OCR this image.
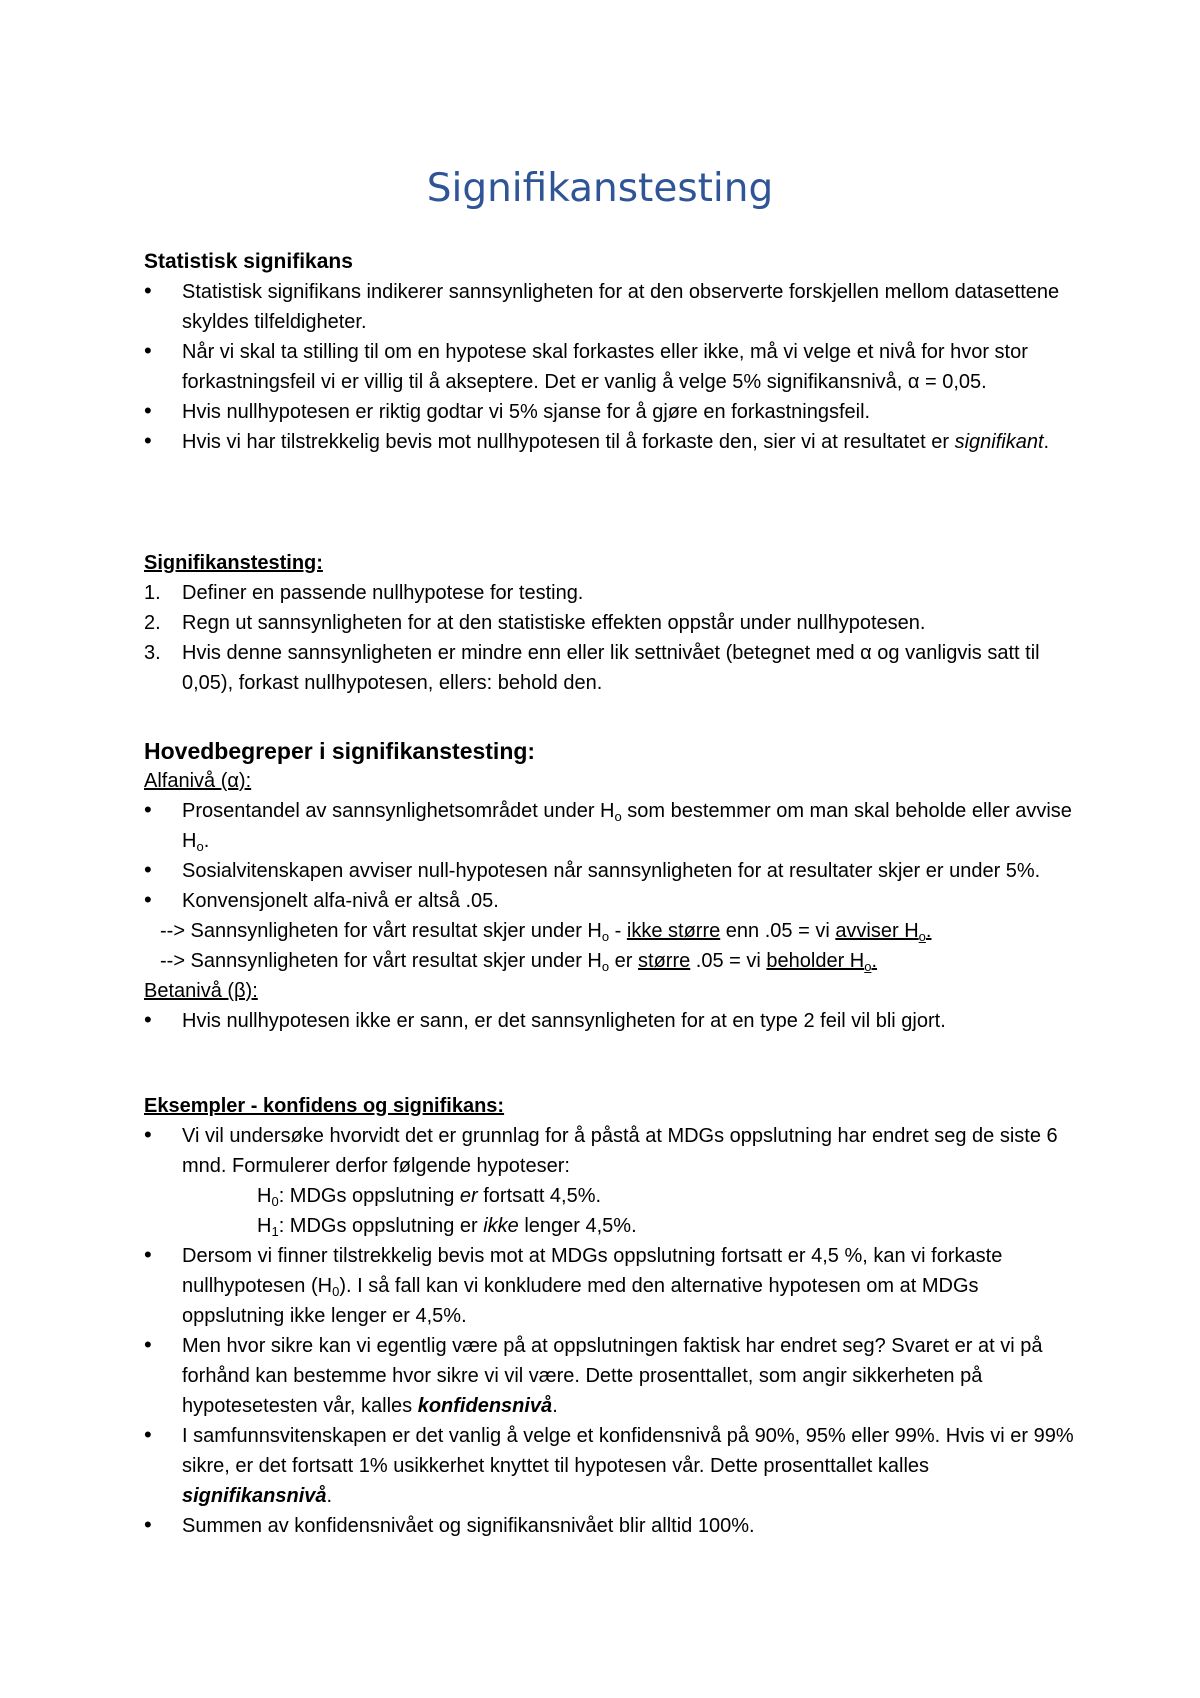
Signifikanstesting
Statistisk signifikans
• Statistisk signifikans indikerer sannsynligheten for at den observerte forskjellen mellom datasettene skyldes tilfeldigheter.
• Når vi skal ta stilling til om en hypotese skal forkastes eller ikke, må vi velge et nivå for hvor stor forkastningsfeil vi er villig til å akseptere. Det er vanlig å velge 5% signifikansnivå, α = 0,05.
• Hvis nullhypotesen er riktig godtar vi 5% sjanse for å gjøre en forkastningsfeil.
• Hvis vi har tilstrekkelig bevis mot nullhypotesen til å forkaste den, sier vi at resultatet er signifikant.
Signifikanstesting:
1. Definer en passende nullhypotese for testing.
2. Regn ut sannsynligheten for at den statistiske effekten oppstår under nullhypotesen.
3. Hvis denne sannsynligheten er mindre enn eller lik settnivået (betegnet med α og vanligvis satt til 0,05), forkast nullhypotesen, ellers: behold den.
Hovedbegreper i signifikanstesting:
Alfanivå (α):
• Prosentandel av sannsynlighetsområdet under $H_o$ som bestemmer om man skal beholde eller avvise $H_o$.
• Sosialvitenskapen avviser null-hypotesen når sannsynligheten for at resultater skjer er under 5%.
• Konvensjonelt alfa-nivå er altså .05.
--> Sannsynligheten for vårt resultat skjer under $H_o$ - ikke større enn .05 = vi avviser $H_o$.
--> Sannsynligheten for vårt resultat skjer under $H_o$ er større .05 = vi beholder $H_o$.
Betanivå (β):
• Hvis nullhypotesen ikke er sann, er det sannsynligheten for at en type 2 feil vil bli gjort.
Eksempler - konfidens og signifikans:
• Vi vil undersøke hvorvidt det er grunnlag for å påstå at MDGs oppslutning har endret seg de siste 6 mnd. Formulerer derfor følgende hypoteser:
$H_0$: MDGs oppslutning er fortsatt 4,5%.
$H_1$: MDGs oppslutning er ikke lenger 4,5%.
• Dersom vi finner tilstrekkelig bevis mot at MDGs oppslutning fortsatt er 4,5 %, kan vi forkaste nullhypotesen $(H_0)$. I så fall kan vi konkludere med den alternative hypotesen om at MDGs oppslutning ikke lenger er 4,5%.
• Men hvor sikre kan vi egentlig være på at oppslutningen faktisk har endret seg? Svaret er at vi på forhånd kan bestemme hvor sikre vi vil være. Dette prosenttallet, som angir sikkerheten på hypotesetesten vår, kalles konfidensnivå.
• I samfunnsvitenskapen er det vanlig å velge et konfidensnivå på 90%, 95% eller 99%. Hvis vi er 99% sikre, er det fortsatt 1% usikkerhet knyttet til hypotesen vår. Dette prosenttallet kalles signifikansnivå.
• Summen av konfidensnivået og signifikansnivået blir alltid 100%.
